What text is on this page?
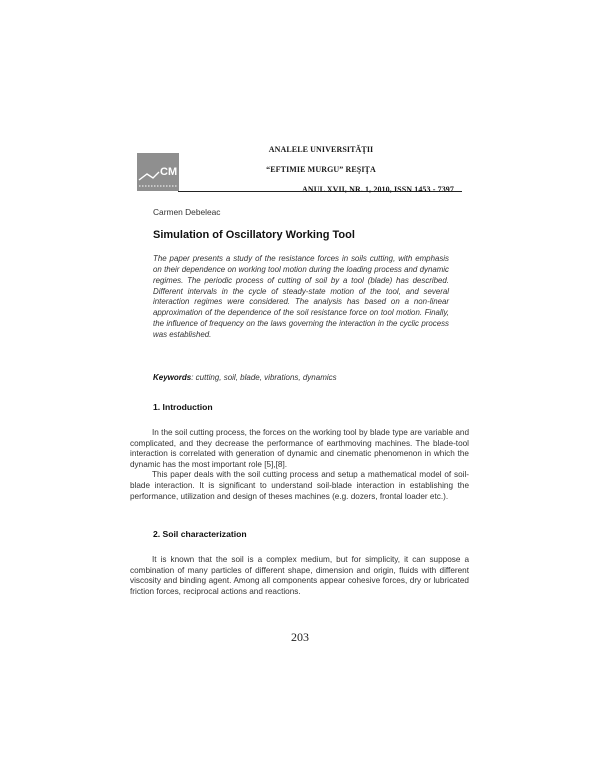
CM
ANALELE UNIVERSITĂŢII
“EFTIMIE MURGU” REŞIŢA
ANUL XVII, NR. 1, 2010, ISSN 1453 - 7397
Carmen Debeleac
Simulation of Oscillatory Working Tool
The paper presents a study of the resistance forces in soils cutting, with emphasis on their dependence on working tool motion during the loading process and dynamic regimes. The periodic process of cutting of soil by a tool (blade) has described. Different intervals in the cycle of steady-state motion of the tool, and several interaction regimes were considered. The analysis has based on a non-linear approximation of the dependence of the soil resistance force on tool motion. Finally, the influence of frequency on the laws governing the interaction in the cyclic process was established.
Keywords: cutting, soil, blade, vibrations, dynamics
1. Introduction

In the soil cutting process, the forces on the working tool by blade type are variable and complicated, and they decrease the performance of earthmoving machines. The blade-tool interaction is correlated with generation of dynamic and cinematic phenomenon in which the dynamic has the most important role [5],[8].

This paper deals with the soil cutting process and setup a mathematical model of soil-blade interaction. It is significant to understand soil-blade interaction in establishing the performance, utilization and design of theses machines (e.g. dozers, frontal loader etc.).

2. Soil characterization

It is known that the soil is a complex medium, but for simplicity, it can suppose a combination of many particles of different shape, dimension and origin, fluids with different viscosity and binding agent. Among all components appear cohesive forces, dry or lubricated friction forces, reciprocal actions and reactions.

203
